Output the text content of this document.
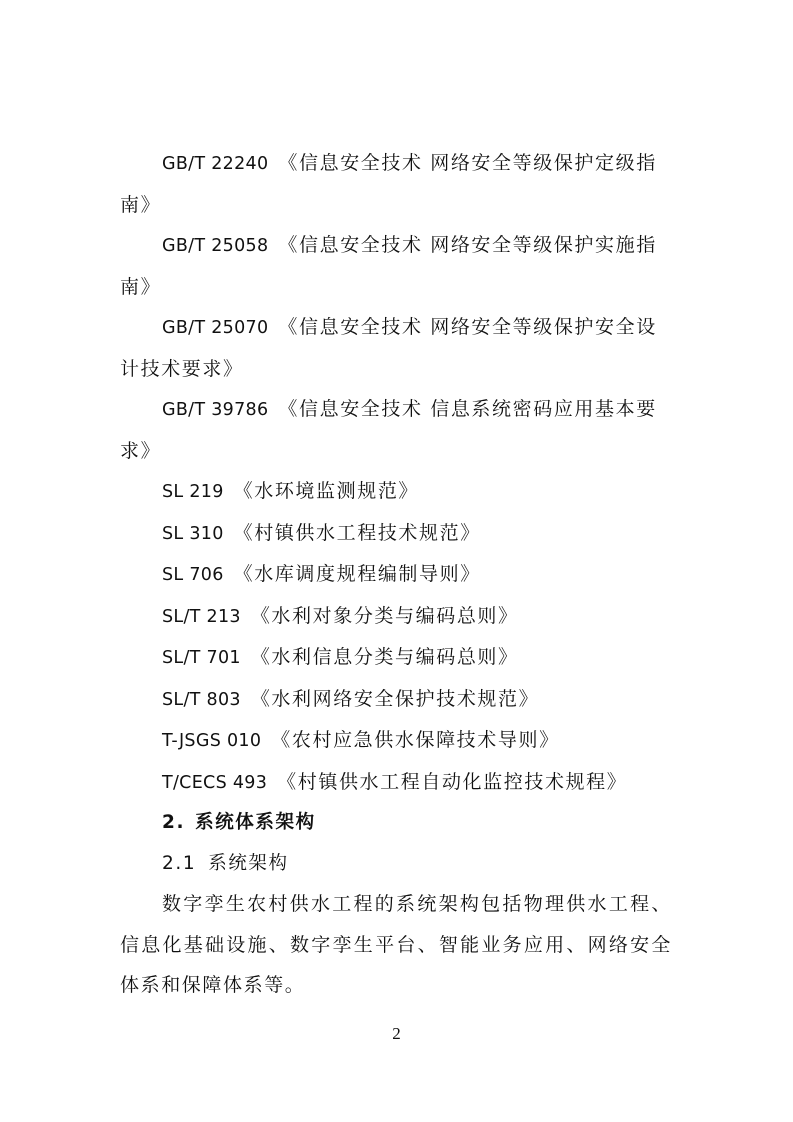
GB/T 22240 《信息安全技术 网络安全等级保护定级指南》

GB/T 25058 《信息安全技术 网络安全等级保护实施指南》

GB/T 25070 《信息安全技术 网络安全等级保护安全设计技术要求》

GB/T 39786 《信息安全技术 信息系统密码应用基本要求》

SL 219 《水环境监测规范》

SL 310 《村镇供水工程技术规范》

SL 706 《水库调度规程编制导则》

SL/T 213 《水利对象分类与编码总则》

SL/T 701 《水利信息分类与编码总则》

SL/T 803 《水利网络安全保护技术规范》

T-JSGS 010 《农村应急供水保障技术导则》

T/CECS 493 《村镇供水工程自动化监控技术规程》

2. 系统体系架构

2.1 系统架构

数字孪生农村供水工程的系统架构包括物理供水工程、信息化基础设施、数字孪生平台、智能业务应用、网络安全体系和保障体系等。

2
